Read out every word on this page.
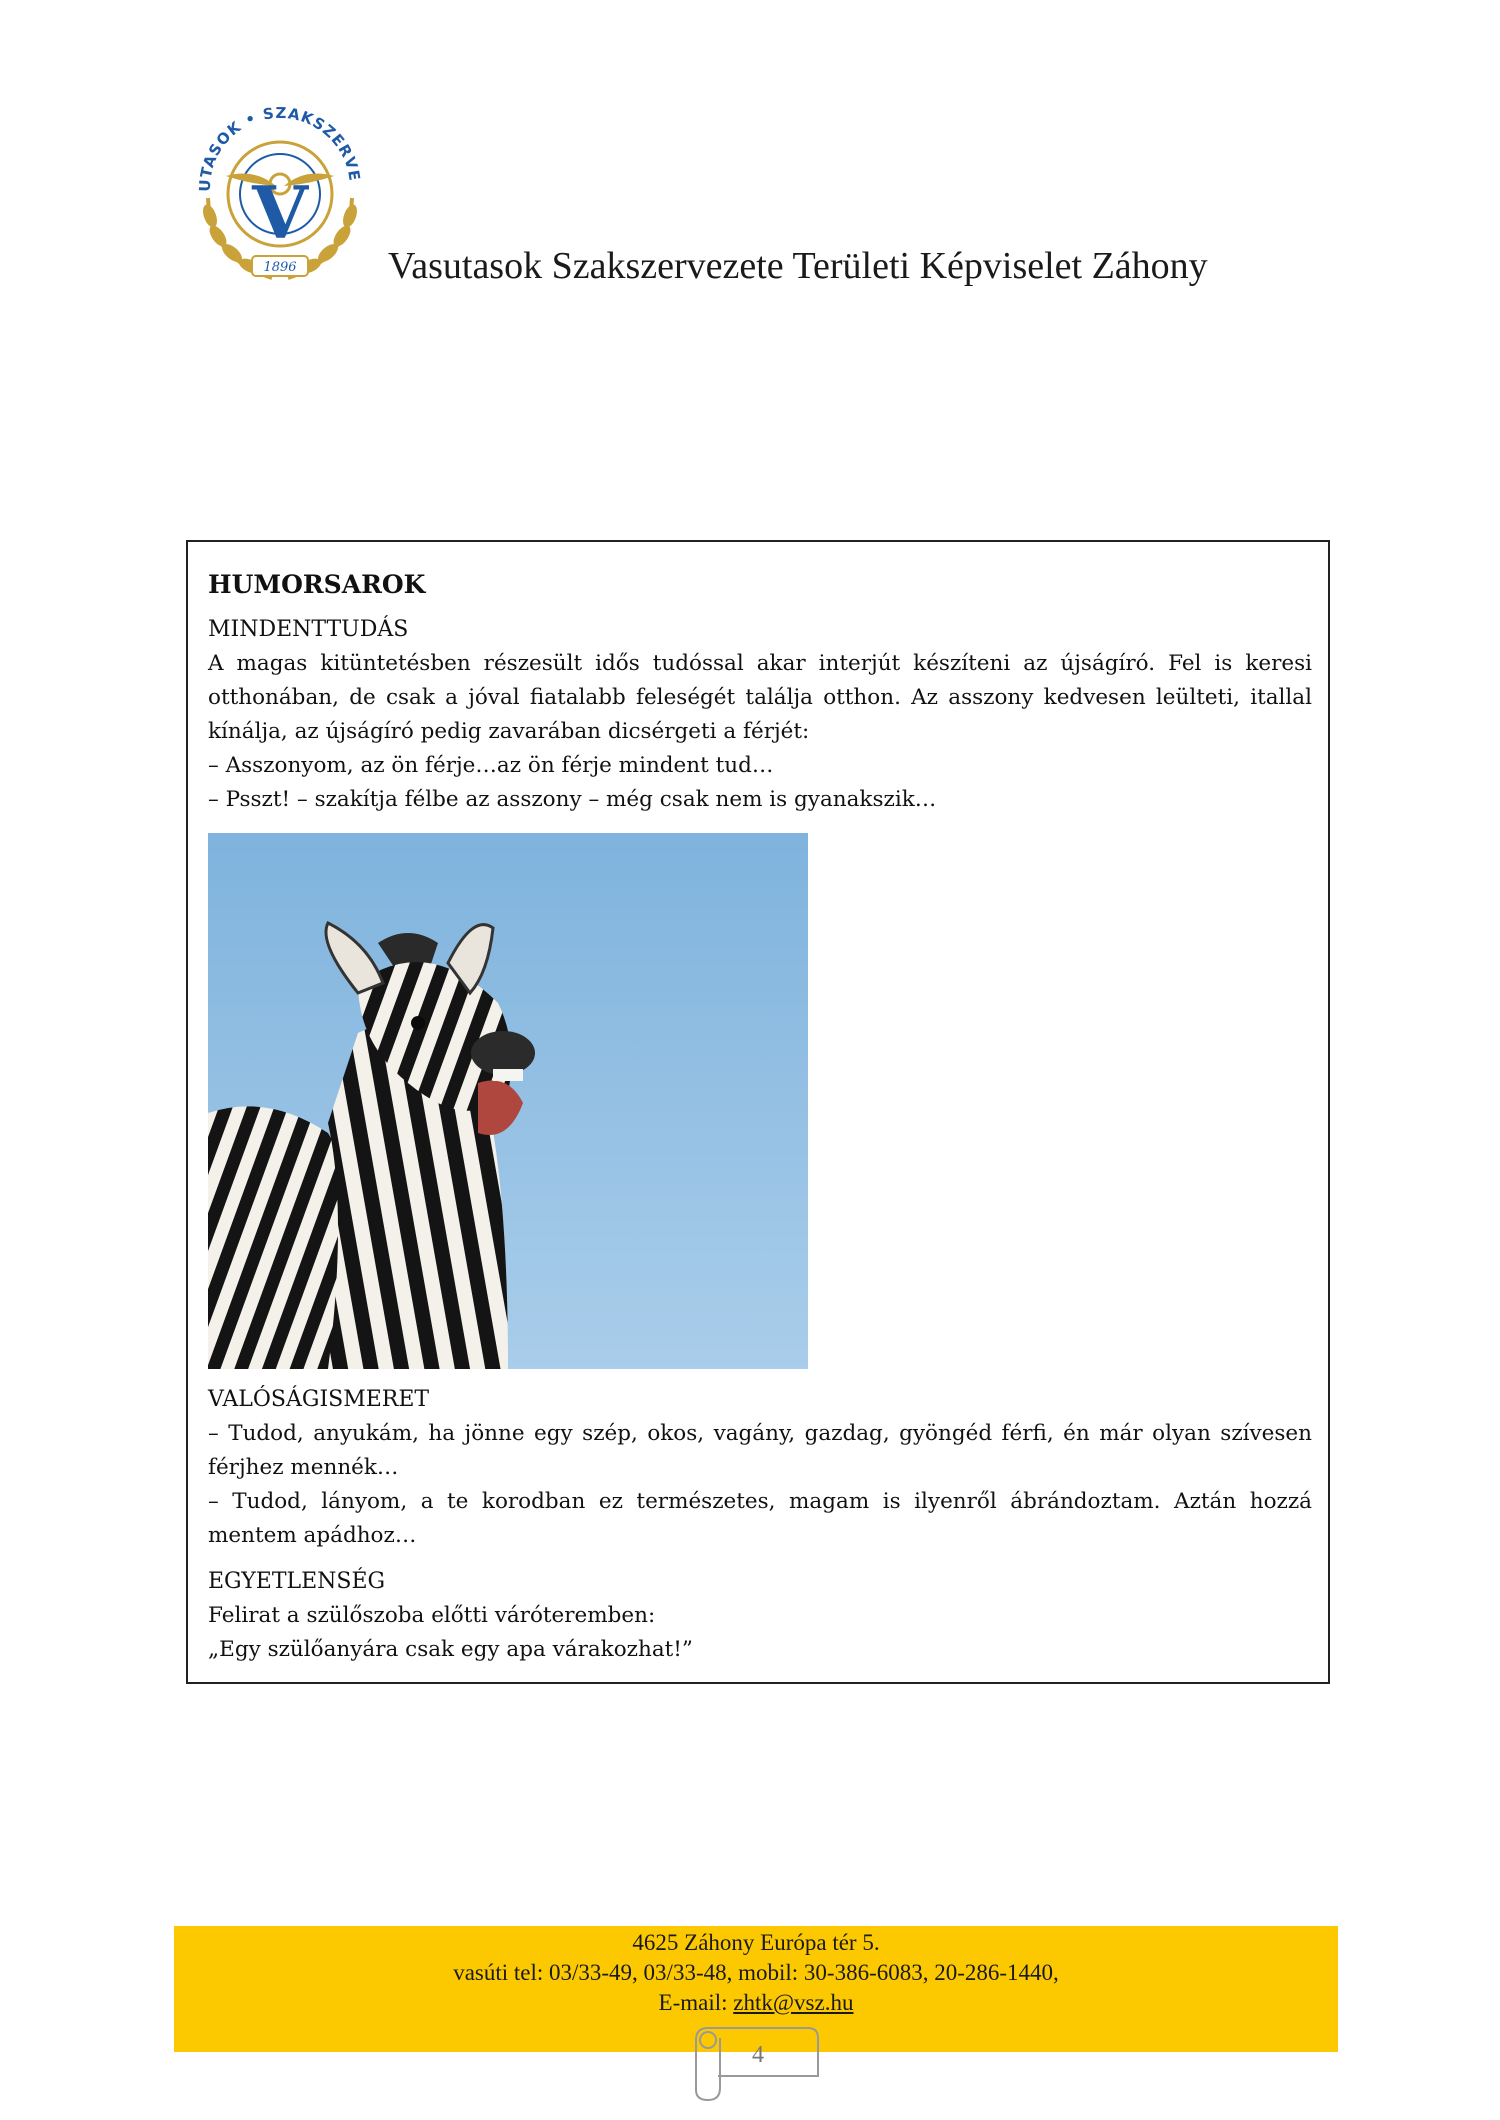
V
UTASOK • SZAKSZERVE
1896 Vasutasok Szakszervezete Területi Képviselet Záhony
HUMORSAROK
MINDENTTUDÁS

A magas kitüntetésben részesült idős tudóssal akar interjút készíteni az újságíró. Fel is keresi otthonában, de csak a jóval fiatalabb feleségét találja otthon. Az asszony kedvesen leülteti, itallal kínálja, az újságíró pedig zavarában dicsérgeti a férjét:

– Asszonyom, az ön férje…az ön férje mindent tud…

– Psszt! – szakítja félbe az asszony – még csak nem is gyanakszik…

VALÓSÁGISMERET

– Tudod, anyukám, ha jönne egy szép, okos, vagány, gazdag, gyöngéd férfi, én már olyan szívesen férjhez mennék…

– Tudod, lányom, a te korodban ez természetes, magam is ilyenről ábrándoztam. Aztán hozzá mentem apádhoz…

EGYETLENSÉG

Felirat a szülőszoba előtti váróteremben:

„Egy szülőanyára csak egy apa várakozhat!”

4625 Záhony Európa tér 5.
vasúti tel: 03/33-49, 03/33-48, mobil: 30-386-6083, 20-286-1440,
E-mail: zhtk@vsz.hu
4
